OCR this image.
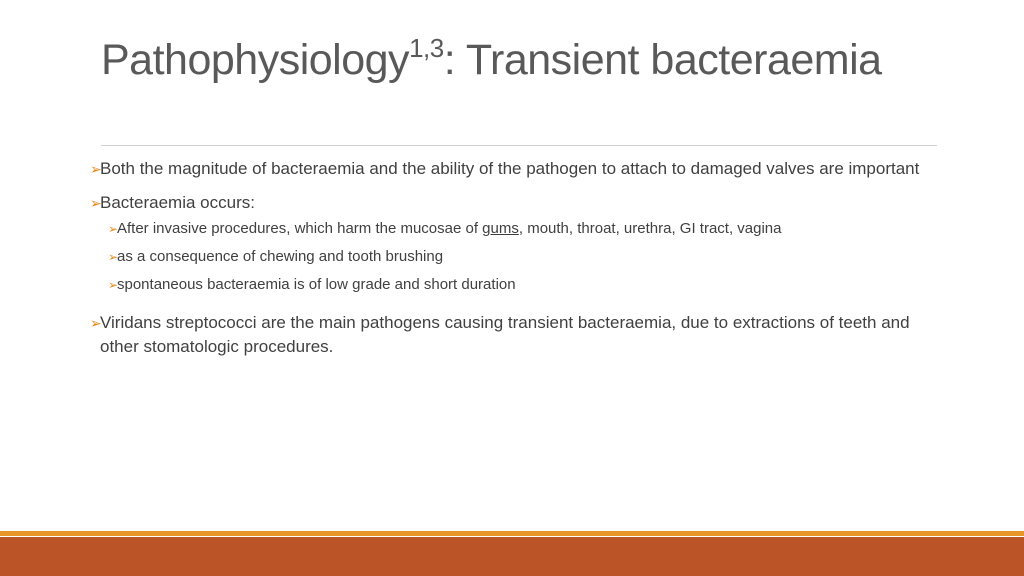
Pathophysiology$^{1,3}$: Transient bacteraemia

➢Both the magnitude of bacteraemia and the ability of the pathogen to attach to damaged valves are important

➢Bacteraemia occurs:

➢After invasive procedures, which harm the mucosae of gums, mouth, throat, urethra, GI tract, vagina

➢as a consequence of chewing and tooth brushing

➢spontaneous bacteraemia is of low grade and short duration

➢Viridans streptococci are the main pathogens causing transient bacteraemia, due to extractions of teeth and other stomatologic procedures.
